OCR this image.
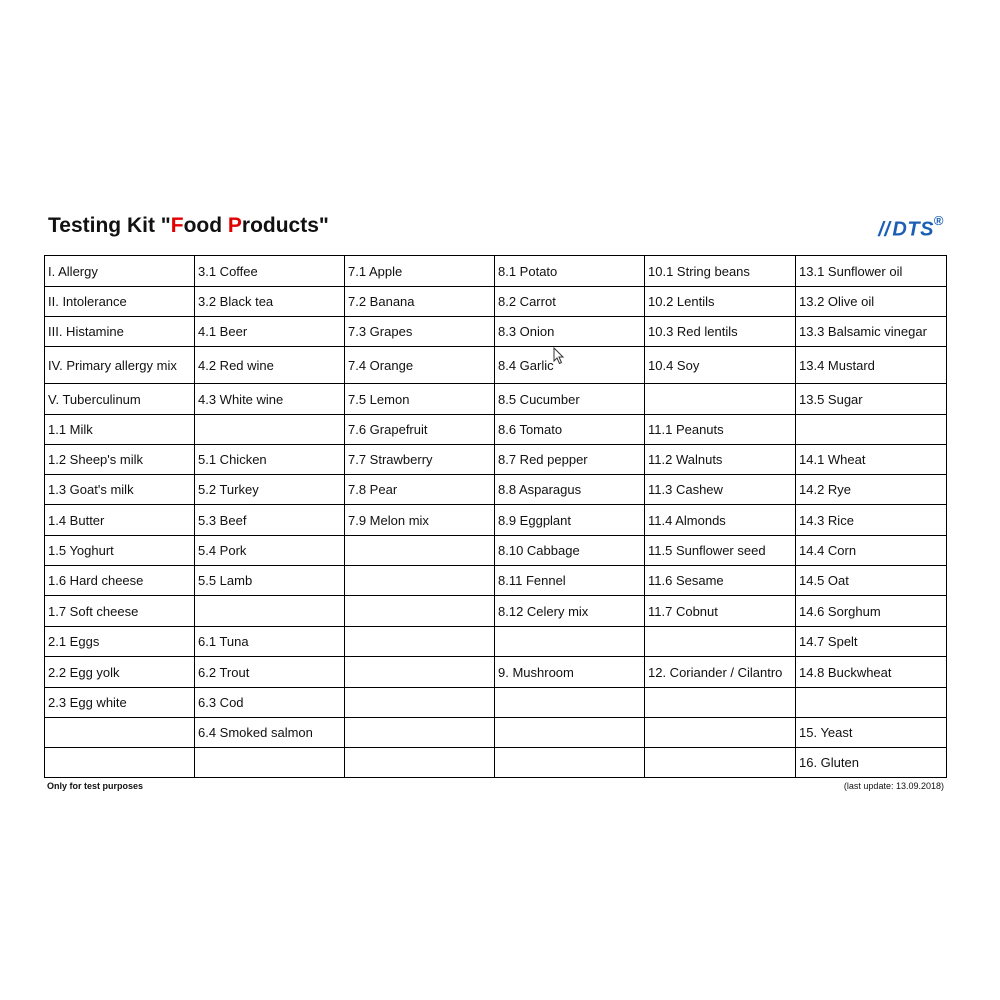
Testing Kit "Food Products"	// DTS®
I. Allergy	3.1 Coffee	7.1 Apple	8.1 Potato	10.1 String beans	13.1 Sunflower oil
II. Intolerance	3.2 Black tea	7.2 Banana	8.2 Carrot	10.2 Lentils	13.2 Olive oil
III. Histamine	4.1 Beer	7.3 Grapes	8.3 Onion	10.3 Red lentils	13.3 Balsamic vinegar
IV. Primary allergy mix	4.2 Red wine	7.4 Orange	8.4 Garlic	10.4 Soy	13.4 Mustard
V. Tuberculinum	4.3 White wine	7.5 Lemon	8.5 Cucumber		13.5 Sugar
1.1 Milk		7.6 Grapefruit	8.6 Tomato	11.1 Peanuts	
1.2 Sheep's milk	5.1 Chicken	7.7 Strawberry	8.7 Red pepper	11.2 Walnuts	14.1 Wheat
1.3 Goat's milk	5.2 Turkey	7.8 Pear	8.8 Asparagus	11.3 Cashew	14.2 Rye
1.4 Butter	5.3 Beef	7.9 Melon mix	8.9 Eggplant	11.4 Almonds	14.3 Rice
1.5 Yoghurt	5.4 Pork		8.10 Cabbage	11.5 Sunflower seed	14.4 Corn
1.6 Hard cheese	5.5 Lamb		8.11 Fennel	11.6 Sesame	14.5 Oat
1.7 Soft cheese			8.12 Celery mix	11.7 Cobnut	14.6 Sorghum
2.1 Eggs	6.1 Tuna				14.7 Spelt
2.2 Egg yolk	6.2 Trout		9. Mushroom	12. Coriander / Cilantro	14.8 Buckwheat
2.3 Egg white	6.3 Cod				
	6.4 Smoked salmon				15. Yeast
					16. Gluten
Only for test purposes	(last update: 13.09.2018)
